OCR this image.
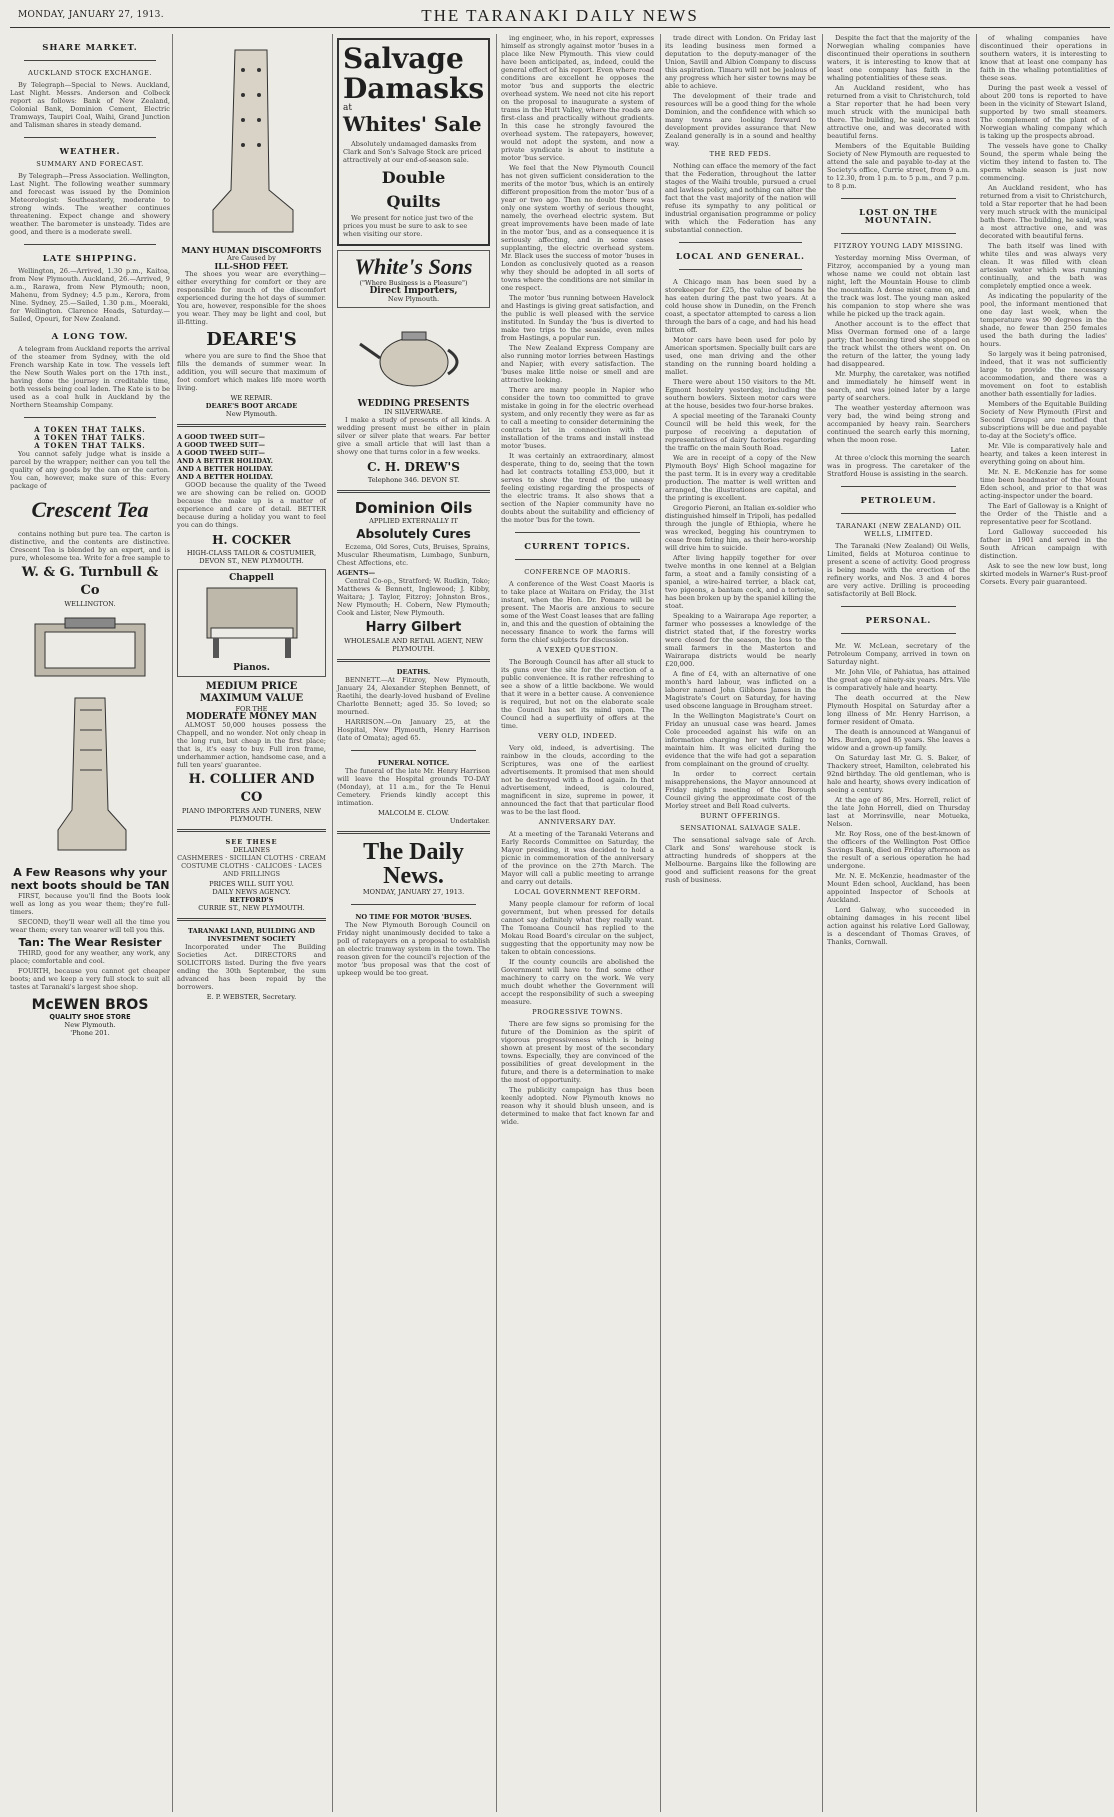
MONDAY, JANUARY 27, 1913.	THE TARANAKI DAILY NEWS
SHARE MARKET.
AUCKLAND STOCK EXCHANGE.

By Telegraph—Special to News. Auckland, Last Night. Messrs. Anderson and Colbeck report as follows: Bank of New Zealand, Colonial Bank, Dominion Cement, Electric Tramways, Taupiri Coal, Waihi, Grand Junction and Talisman shares in steady demand.

WEATHER.
SUMMARY AND FORECAST.

By Telegraph—Press Association. Wellington, Last Night. The following weather summary and forecast was issued by the Dominion Meteorologist: Southeasterly, moderate to strong winds. The weather continues threatening. Expect change and showery weather. The barometer is unsteady. Tides are good, and there is a moderate swell.

LATE SHIPPING.

Wellington, 26.—Arrived, 1.30 p.m., Kaitoa, from New Plymouth. Auckland, 26.—Arrived, 9 a.m., Rarawa, from New Plymouth; noon, Mahenu, from Sydney; 4.5 p.m., Kerora, from Nine. Sydney, 25.—Sailed, 1.30 p.m., Moeraki, for Wellington. Clarence Heads, Saturday.—Sailed, Opouri, for New Zealand.

A LONG TOW.

A telegram from Auckland reports the arrival of the steamer from Sydney, with the old French warship Kate in tow. The vessels left the New South Wales port on the 17th inst., having done the journey in creditable time, both vessels being coal laden. The Kate is to be used as a coal hulk in Auckland by the Northern Steamship Company.

A TOKEN THAT TALKS.
A TOKEN THAT TALKS.
A TOKEN THAT TALKS.

You cannot safely judge what is inside a parcel by the wrapper; neither can you tell the quality of any goods by the can or the carton. You can, however, make sure of this: Every package of

Crescent Tea

contains nothing but pure tea. The carton is distinctive, and the contents are distinctive. Crescent Tea is blended by an expert, and is pure, wholesome tea. Write for a free sample to

W. & G. Turnbull & Co
WELLINGTON.
A Few Reasons why your next boots should be TAN

FIRST, because you'll find the Boots look well as long as you wear them; they're full-timers.

SECOND, they'll wear well all the time you wear them; every tan wearer will tell you this.

Tan: The Wear Resister

THIRD, good for any weather, any work, any place; comfortable and cool.

FOURTH, because you cannot get cheaper boots; and we keep a very full stock to suit all tastes at Taranaki's largest shoe shop.

McEWEN BROS
QUALITY SHOE STORE
New Plymouth.
'Phone 201.
MANY HUMAN DISCOMFORTS
Are Caused by
ILL-SHOD FEET.

The shoes you wear are everything—either everything for comfort or they are responsible for much of the discomfort experienced during the hot days of summer. You are, however, responsible for the shoes you wear. They may be light and cool, but ill-fitting.

DEARE'S

where you are sure to find the Shoe that fills the demands of summer wear. In addition, you will secure that maximum of foot comfort which makes life more worth living.

WE REPAIR.
DEARE'S BOOT ARCADE
New Plymouth.
A GOOD TWEED SUIT—
A GOOD TWEED SUIT—
A GOOD TWEED SUIT—
AND A BETTER HOLIDAY.
AND A BETTER HOLIDAY.
AND A BETTER HOLIDAY.

GOOD because the quality of the Tweed we are showing can be relied on. GOOD because the make up is a matter of experience and care of detail. BETTER because during a holiday you want to feel you can do things.

H. COCKER
HIGH-CLASS TAILOR & COSTUMIER, DEVON ST., NEW PLYMOUTH.
Chappell
Pianos.
MEDIUM PRICE
MAXIMUM VALUE
FOR THE
MODERATE MONEY MAN

ALMOST 50,000 houses possess the Chappell, and no wonder. Not only cheap in the long run, but cheap in the first place; that is, it's easy to buy. Full iron frame, underhammer action, handsome case, and a full ten years' guarantee.

H. COLLIER AND CO
PIANO IMPORTERS AND TUNERS, NEW PLYMOUTH.
SEE THESE
DELAINES

CASHMERES · SICILIAN CLOTHS · CREAM COSTUME CLOTHS · CALICOES · LACES AND FRILLINGS

PRICES WILL SUIT YOU.
DAILY NEWS AGENCY.
RETFORD'S
CURRIE ST., NEW PLYMOUTH.
TARANAKI LAND, BUILDING AND INVESTMENT SOCIETY

Incorporated under The Building Societies Act. DIRECTORS and SOLICITORS listed. During the five years ending the 30th September, the sum advanced has been repaid by the borrowers.

E. P. WEBSTER, Secretary.
Salvage
Damasks
at
Whites' Sale

Absolutely undamaged damasks from Clark and Son's Salvage Stock are priced attractively at our end-of-season sale.

Double
Quilts

We present for notice just two of the prices you must be sure to ask to see when visiting our store.

White's Sons
("Where Business is a Pleasure")
Direct Importers,
New Plymouth.
WEDDING PRESENTS
IN SILVERWARE.

I make a study of presents of all kinds. A wedding present must be either in plain silver or silver plate that wears. Far better give a small article that will last than a showy one that turns color in a few weeks.

C. H. DREW'S
Telephone 346. DEVON ST.
Dominion Oils
APPLIED EXTERNALLY IT
Absolutely Cures

Eczema, Old Sores, Cuts, Bruises, Sprains, Muscular Rheumatism, Lumbago, Sunburn, Chest Affections, etc.

AGENTS—

Central Co-op., Stratford; W. Rudkin, Toko; Matthews & Bennett, Inglewood; J. Kibby, Waitara; J. Taylor, Fitzroy; Johnston Bros., New Plymouth; H. Cobern, New Plymouth; Cook and Lister, New Plymouth.

Harry Gilbert
WHOLESALE AND RETAIL AGENT, NEW PLYMOUTH.
DEATHS.

BENNETT.—At Fitzroy, New Plymouth, January 24, Alexander Stephen Bennett, of Raetihi, the dearly-loved husband of Eveline Charlotte Bennett; aged 35. So loved; so mourned.

HARRISON.—On January 25, at the Hospital, New Plymouth, Henry Harrison (late of Omata); aged 65.

FUNERAL NOTICE.

The funeral of the late Mr. Henry Harrison will leave the Hospital grounds TO-DAY (Monday), at 11 a.m., for the Te Henui Cemetery. Friends kindly accept this intimation.

MALCOLM E. CLOW.
Undertaker.
The Daily News.
MONDAY, JANUARY 27, 1913.
NO TIME FOR MOTOR 'BUSES.

The New Plymouth Borough Council on Friday night unanimously decided to take a poll of ratepayers on a proposal to establish an electric tramway system in the town. The reason given for the council's rejection of the motor 'bus proposal was that the cost of upkeep would be too great.

ing engineer, who, in his report, expresses himself as strongly against motor 'buses in a place like New Plymouth. This view could have been anticipated, as, indeed, could the general effect of his report. Even where road conditions are excellent he opposes the motor 'bus and supports the electric overhead system. We need not cite his report on the proposal to inaugurate a system of trams in the Hutt Valley, where the roads are first-class and practically without gradients. In this case he strongly favoured the overhead system. The ratepayers, however, would not adopt the system, and now a private syndicate is about to institute a motor 'bus service.

We feel that the New Plymouth Council has not given sufficient consideration to the merits of the motor 'bus, which is an entirely different proposition from the motor 'bus of a year or two ago. Then no doubt there was only one system worthy of serious thought, namely, the overhead electric system. But great improvements have been made of late in the motor 'bus, and as a consequence it is seriously affecting, and in some cases supplanting, the electric overhead system. Mr. Black uses the success of motor 'buses in London as conclusively quoted as a reason why they should be adopted in all sorts of towns where the conditions are not similar in one respect.

The motor 'bus running between Havelock and Hastings is giving great satisfaction, and the public is well pleased with the service instituted. In Sunday the 'bus is diverted to make two trips to the seaside, even miles from Hastings, a popular run.

The New Zealand Express Company are also running motor lorries between Hastings and Napier, with every satisfaction. The 'buses make little noise or smell and are attractive looking.

There are many people in Napier who consider the town too committed to grave mistake in going in for the electric overhead system, and only recently they were as far as to call a meeting to consider determining the contracts let in connection with the installation of the trams and install instead motor 'buses.

It was certainly an extraordinary, almost desperate, thing to do, seeing that the town had let contracts totalling £53,000, but it serves to show the trend of the uneasy feeling existing regarding the prospects of the electric trams. It also shows that a section of the Napier community have no doubts about the suitability and efficiency of the motor 'bus for the town.

CURRENT TOPICS.
CONFERENCE OF MAORIS.

A conference of the West Coast Maoris is to take place at Waitara on Friday, the 31st instant, when the Hon. Dr. Pomare will be present. The Maoris are anxious to secure some of the West Coast leases that are falling in, and this and the question of obtaining the necessary finance to work the farms will form the chief subjects for discussion.

A VEXED QUESTION.

The Borough Council has after all stuck to its guns over the site for the erection of a public convenience. It is rather refreshing to see a show of a little backbone. We would that it were in a better cause. A convenience is required, but not on the elaborate scale the Council has set its mind upon. The Council had a superfluity of offers at the time.

VERY OLD, INDEED.

Very old, indeed, is advertising. The rainbow in the clouds, according to the Scriptures, was one of the earliest advertisements. It promised that men should not be destroyed with a flood again. In that advertisement, indeed, is coloured, magnificent in size, supreme in power, it announced the fact that that particular flood was to be the last flood.

ANNIVERSARY DAY.

At a meeting of the Taranaki Veterans and Early Records Committee on Saturday, the Mayor presiding, it was decided to hold a picnic in commemoration of the anniversary of the province on the 27th March. The Mayor will call a public meeting to arrange and carry out details.

LOCAL GOVERNMENT REFORM.

Many people clamour for reform of local government, but when pressed for details cannot say definitely what they really want. The Tomoana Council has replied to the Mokau Road Board's circular on the subject, suggesting that the opportunity may now be taken to obtain concessions.

If the county councils are abolished the Government will have to find some other machinery to carry on the work. We very much doubt whether the Government will accept the responsibility of such a sweeping measure.

PROGRESSIVE TOWNS.

There are few signs so promising for the future of the Dominion as the spirit of vigorous progressiveness which is being shown at present by most of the secondary towns. Especially, they are convinced of the possibilities of great development in the future, and there is a determination to make the most of opportunity.

The publicity campaign has thus been keenly adopted. Now Plymouth knows no reason why it should blush unseen, and is determined to make that fact known far and wide.

trade direct with London. On Friday last its leading business men formed a deputation to the deputy-manager of the Union, Savill and Albion Company to discuss this aspiration. Timaru will not be jealous of any progress which her sister towns may be able to achieve.

The development of their trade and resources will be a good thing for the whole Dominion, and the confidence with which so many towns are looking forward to development provides assurance that New Zealand generally is in a sound and healthy way.

THE RED FEDS.

Nothing can efface the memory of the fact that the Federation, throughout the latter stages of the Waihi trouble, pursued a cruel and lawless policy, and nothing can alter the fact that the vast majority of the nation will refuse its sympathy to any political or industrial organisation programme or policy with which the Federation has any substantial connection.

LOCAL AND GENERAL.

A Chicago man has been sued by a storekeeper for £25, the value of beans he has eaten during the past two years. At a cold house show in Dunedin, on the French coast, a spectator attempted to caress a lion through the bars of a cage, and had his head bitten off.

Motor cars have been used for polo by American sportsmen. Specially built cars are used, one man driving and the other standing on the running board holding a mallet.

There were about 150 visitors to the Mt. Egmont hostelry yesterday, including the southern bowlers. Sixteen motor cars were at the house, besides two four-horse brakes.

A special meeting of the Taranaki County Council will be held this week, for the purpose of receiving a deputation of representatives of dairy factories regarding the traffic on the main South Road.

We are in receipt of a copy of the New Plymouth Boys' High School magazine for the past term. It is in every way a creditable production. The matter is well written and arranged, the illustrations are capital, and the printing is excellent.

Gregorio Pieroni, an Italian ex-soldier who distinguished himself in Tripoli, has pedalled through the jungle of Ethiopia, where he was wrecked, begging his countrymen to cease from feting him, as their hero-worship will drive him to suicide.

After living happily together for over twelve months in one kennel at a Belgian farm, a stoat and a family consisting of a spaniel, a wire-haired terrier, a black cat, two pigeons, a bantam cock, and a tortoise, has been broken up by the spaniel killing the stoat.

Speaking to a Wairarapa Age reporter, a farmer who possesses a knowledge of the district stated that, if the forestry works were closed for the season, the loss to the small farmers in the Masterton and Wairarapa districts would be nearly £20,000.

A fine of £4, with an alternative of one month's hard labour, was inflicted on a laborer named John Gibbons James in the Magistrate's Court on Saturday, for having used obscene language in Brougham street.

In the Wellington Magistrate's Court on Friday an unusual case was heard. James Cole proceeded against his wife on an information charging her with failing to maintain him. It was elicited during the evidence that the wife had got a separation from complainant on the ground of cruelty.

In order to correct certain misapprehensions, the Mayor announced at Friday night's meeting of the Borough Council giving the approximate cost of the Morley street and Bell Road culverts.

BURNT OFFERINGS.
SENSATIONAL SALVAGE SALE.

The sensational salvage sale of Arch. Clark and Sons' warehouse stock is attracting hundreds of shoppers at the Melbourne. Bargains like the following are good and sufficient reasons for the great rush of business.

Despite the fact that the majority of the Norwegian whaling companies have discontinued their operations in southern waters, it is interesting to know that at least one company has faith in the whaling potentialities of these seas.

An Auckland resident, who has returned from a visit to Christchurch, told a Star reporter that he had been very much struck with the municipal bath there. The building, he said, was a most attractive one, and was decorated with beautiful ferns.

Members of the Equitable Building Society of New Plymouth are requested to attend the sale and payable to-day at the Society's office, Currie street, from 9 a.m. to 12.30, from 1 p.m. to 5 p.m., and 7 p.m. to 8 p.m.

LOST ON THE MOUNTAIN.
FITZROY YOUNG LADY MISSING.

Yesterday morning Miss Overman, of Fitzroy, accompanied by a young man whose name we could not obtain last night, left the Mountain House to climb the mountain. A dense mist came on, and the track was lost. The young man asked his companion to stop where she was while he picked up the track again.

Another account is to the effect that Miss Overman formed one of a large party; that becoming tired she stopped on the track whilst the others went on. On the return of the latter, the young lady had disappeared.

Mr. Murphy, the caretaker, was notified and immediately he himself went in search, and was joined later by a large party of searchers.

The weather yesterday afternoon was very bad, the wind being strong and accompanied by heavy rain. Searchers continued the search early this morning, when the moon rose.

Later.

At three o'clock this morning the search was in progress. The caretaker of the Stratford House is assisting in the search.

PETROLEUM.
TARANAKI (NEW ZEALAND) OIL WELLS, LIMITED.

The Taranaki (New Zealand) Oil Wells, Limited, fields at Moturoa continue to present a scene of activity. Good progress is being made with the erection of the refinery works, and Nos. 3 and 4 bores are very active. Drilling is proceeding satisfactorily at Bell Block.

PERSONAL.

Mr. W. McLean, secretary of the Petroleum Company, arrived in town on Saturday night.

Mr. John Vile, of Pahiatua, has attained the great age of ninety-six years. Mrs. Vile is comparatively hale and hearty.

The death occurred at the New Plymouth Hospital on Saturday after a long illness of Mr. Henry Harrison, a former resident of Omata.

The death is announced at Wanganui of Mrs. Burden, aged 85 years. She leaves a widow and a grown-up family.

On Saturday last Mr. G. S. Baker, of Thackery street, Hamilton, celebrated his 92nd birthday. The old gentleman, who is hale and hearty, shows every indication of seeing a century.

At the age of 86, Mrs. Horrell, relict of the late John Horrell, died on Thursday last at Morrinsville, near Motueka, Nelson.

Mr. Roy Ross, one of the best-known of the officers of the Wellington Post Office Savings Bank, died on Friday afternoon as the result of a serious operation he had undergone.

Mr. N. E. McKenzie, headmaster of the Mount Eden school, Auckland, has been appointed Inspector of Schools at Auckland.

Lord Galway, who succeeded in obtaining damages in his recent libel action against his relative Lord Galloway, is a descendant of Thomas Graves, of Thanks, Cornwall.

of whaling companies have discontinued their operations in southern waters, it is interesting to know that at least one company has faith in the whaling potentialities of these seas.

During the past week a vessel of about 200 tons is reported to have been in the vicinity of Stewart Island, supported by two small steamers. The complement of the plant of a Norwegian whaling company which is taking up the prospects abroad.

The vessels have gone to Chalky Sound, the sperm whale being the victim they intend to fasten to. The sperm whale season is just now commencing.

An Auckland resident, who has returned from a visit to Christchurch, told a Star reporter that he had been very much struck with the municipal bath there. The building, he said, was a most attractive one, and was decorated with beautiful ferns.

The bath itself was lined with white tiles and was always very clean. It was filled with clean artesian water which was running continually, and the bath was completely emptied once a week.

As indicating the popularity of the pool, the informant mentioned that one day last week, when the temperature was 90 degrees in the shade, no fewer than 250 females used the bath during the ladies' hours.

So largely was it being patronised, indeed, that it was not sufficiently large to provide the necessary accommodation, and there was a movement on foot to establish another bath essentially for ladies.

Members of the Equitable Building Society of New Plymouth (First and Second Groups) are notified that subscriptions will be due and payable to-day at the Society's office.

Mr. Vile is comparatively hale and hearty, and takes a keen interest in everything going on about him.

Mr. N. E. McKenzie has for some time been headmaster of the Mount Eden school, and prior to that was acting-inspector under the board.

The Earl of Galloway is a Knight of the Order of the Thistle and a representative peer for Scotland.

Lord Galloway succeeded his father in 1901 and served in the South African campaign with distinction.

Ask to see the new low bust, long skirted models in Warner's Rust-proof Corsets. Every pair guaranteed.
